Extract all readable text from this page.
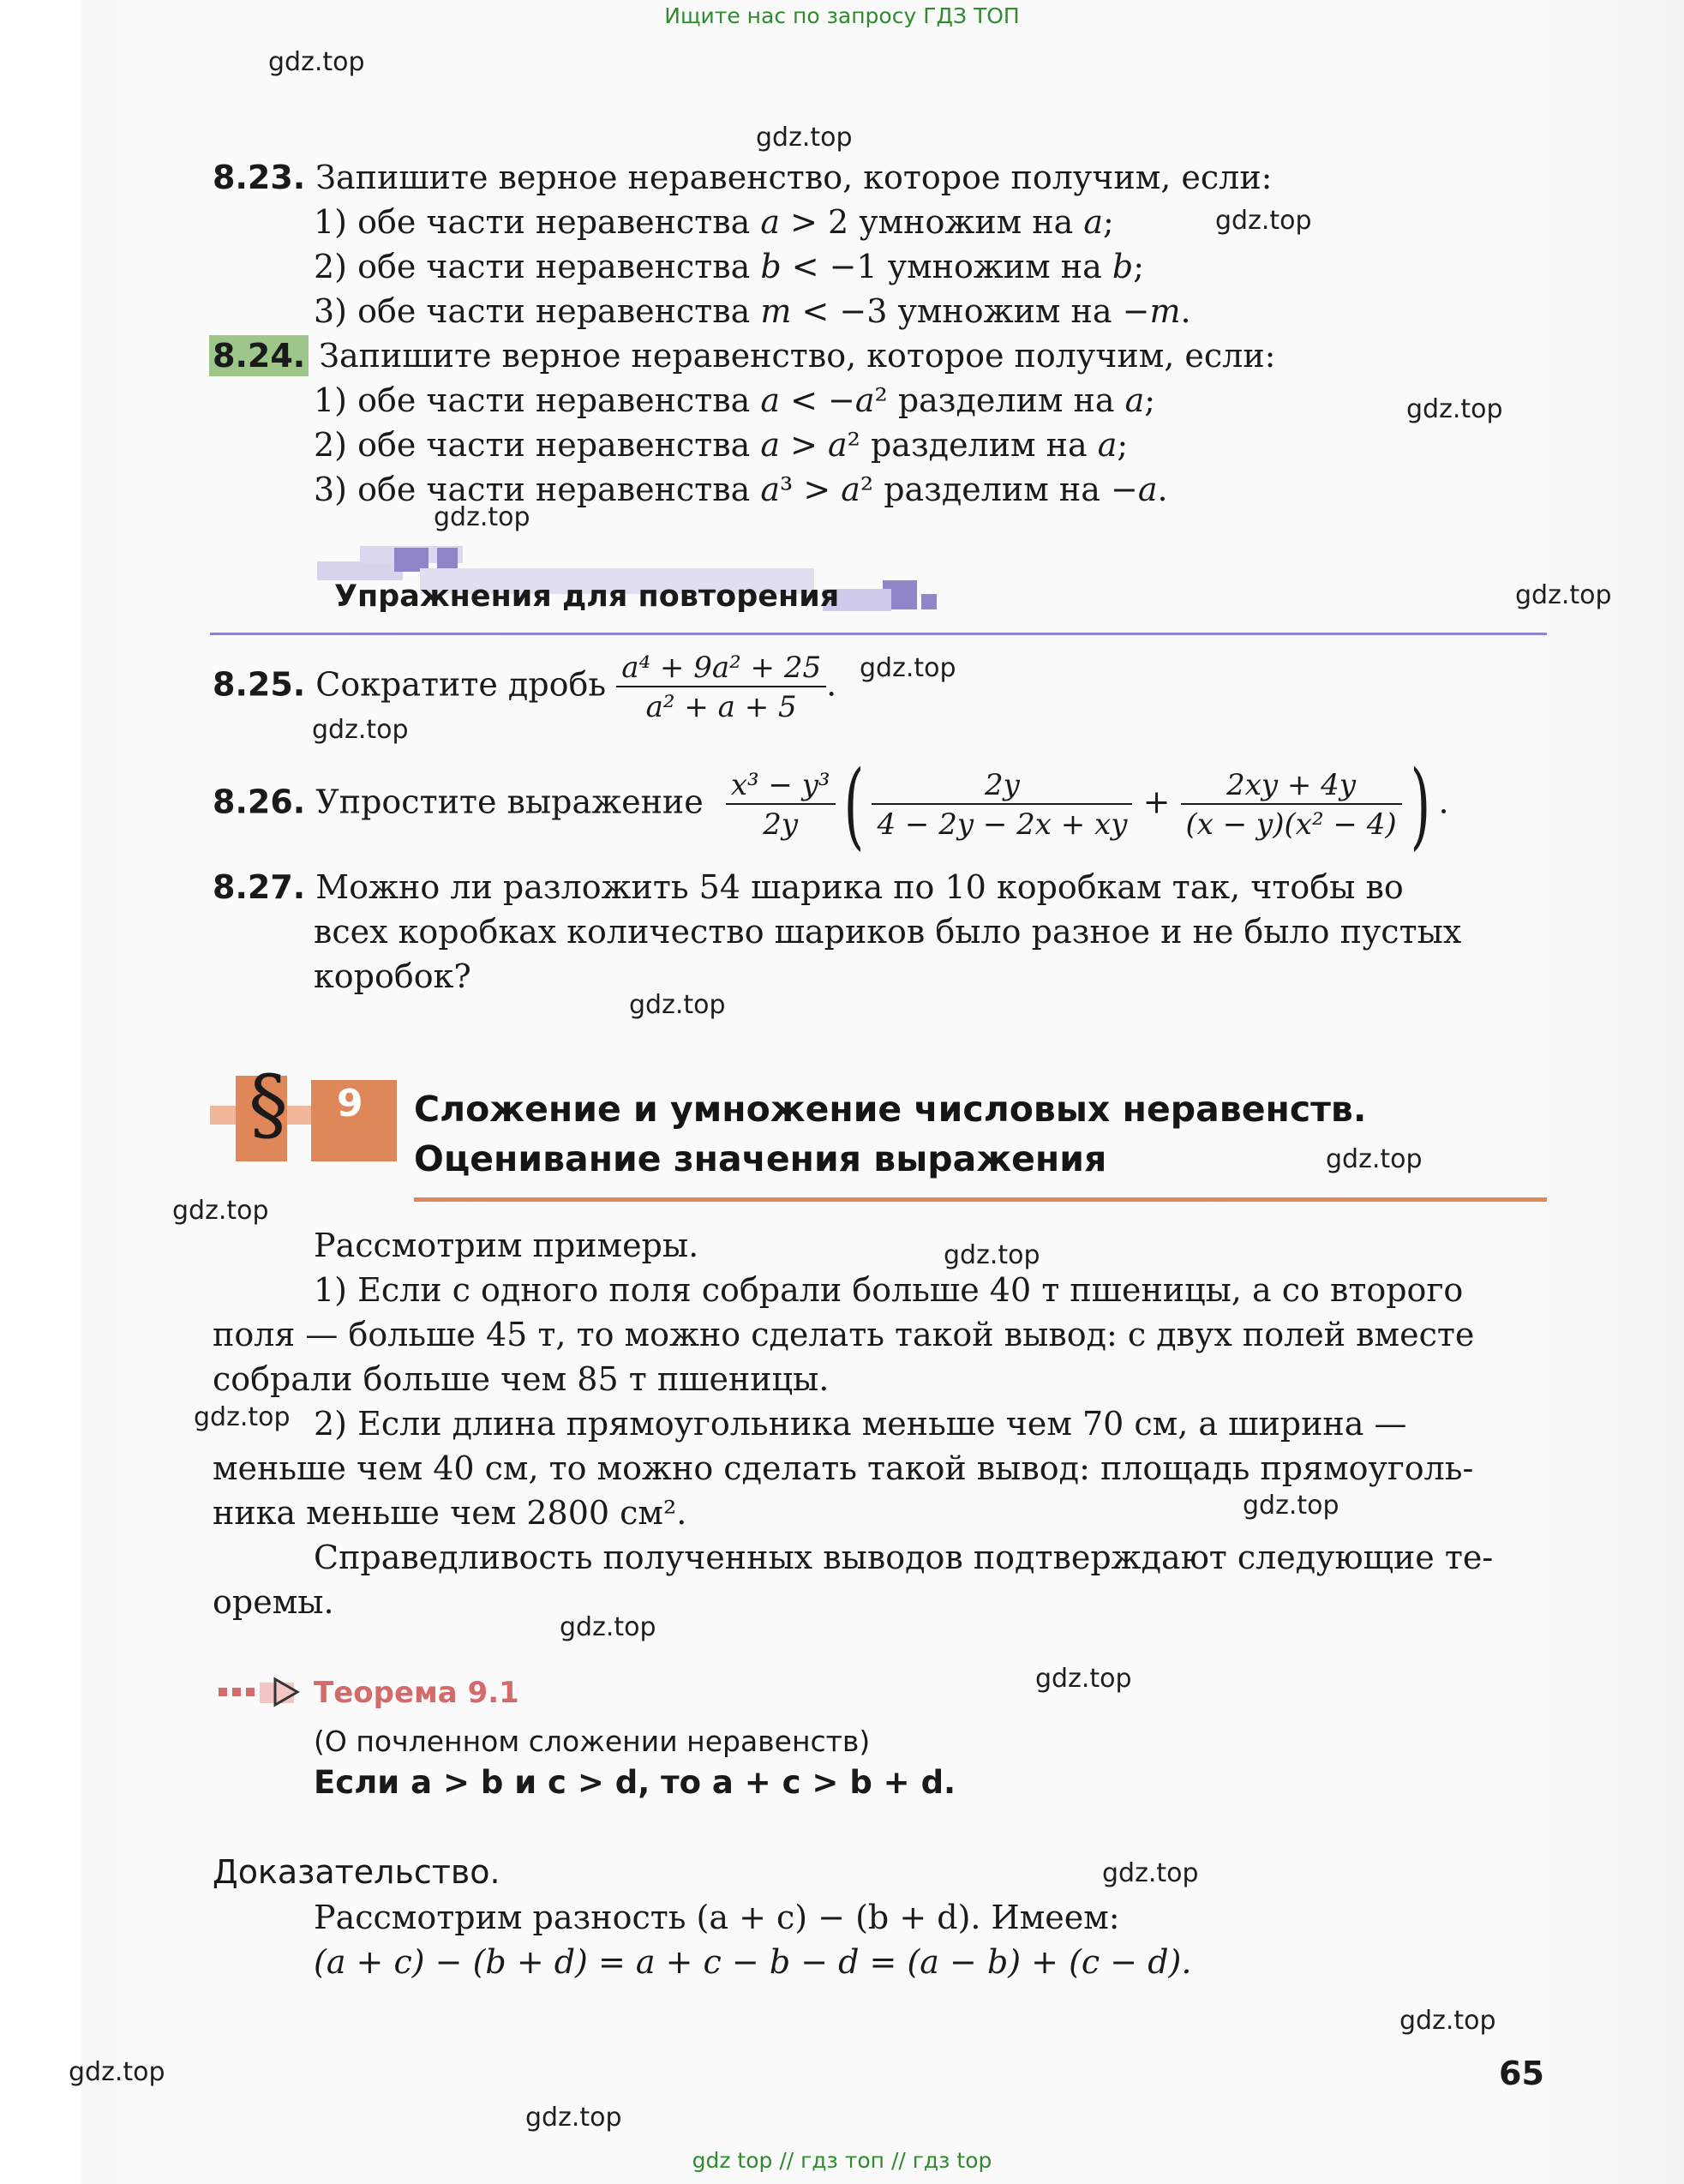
Ищите нас по запросу ГДЗ ТОП
gdz.top
gdz.top
gdz.top
gdz.top
gdz.top
gdz.top
gdz.top
gdz.top
gdz.top
gdz.top
gdz.top
gdz.top
gdz.top
gdz.top
gdz.top
gdz.top
gdz.top
gdz.top
gdz.top
gdz.top
8.23. Запишите верное неравенство, которое получим, если:
1) обе части неравенства a > 2 умножим на a;
2) обе части неравенства b < −1 умножим на b;
3) обе части неравенства m < −3 умножим на −m.
8.24. Запишите верное неравенство, которое получим, если:
1) обе части неравенства a < −a² разделим на a;
2) обе части неравенства a > a² разделим на a;
3) обе части неравенства a³ > a² разделим на −a.
Упражнения для повторения
8.25. Сократите дробь $\frac{\text{a⁴ + 9a² + 25}}{\text{a² + a + 5}}$ .
8.26. Упростите выражение $\frac{\text{x³ − y³}}{2y}$ ( $\frac{2y}{4 - 2y - 2x + xy} + \frac{2xy + 4y}{\text{(x − y)(x² − 4)}}$ ) .
8.27. Можно ли разложить 54 шарика по 10 коробкам так, чтобы во
всех коробках количество шариков было разное и не было пустых
коробок?
§ 9 Сложение и умножение числовых неравенств.
Оценивание значения выражения
Рассмотрим примеры.
1) Если с одного поля собрали больше 40 т пшеницы, а со второго
поля — больше 45 т, то можно сделать такой вывод: с двух полей вместе
собрали больше чем 85 т пшеницы.
2) Если длина прямоугольника меньше чем 70 см, а ширина —
меньше чем 40 см, то можно сделать такой вывод: площадь прямоуголь-
ника меньше чем 2800 см².
Справедливость полученных выводов подтверждают следующие те-
оремы.
Теорема 9.1
(О почленном сложении неравенств)
Если a > b и c > d, то a + c > b + d.
Доказательство.
Рассмотрим разность (a + c) − (b + d). Имеем:
(a + c) − (b + d) = a + c − b − d = (a − b) + (c − d).
65
gdz top // гдз топ // гдз top
